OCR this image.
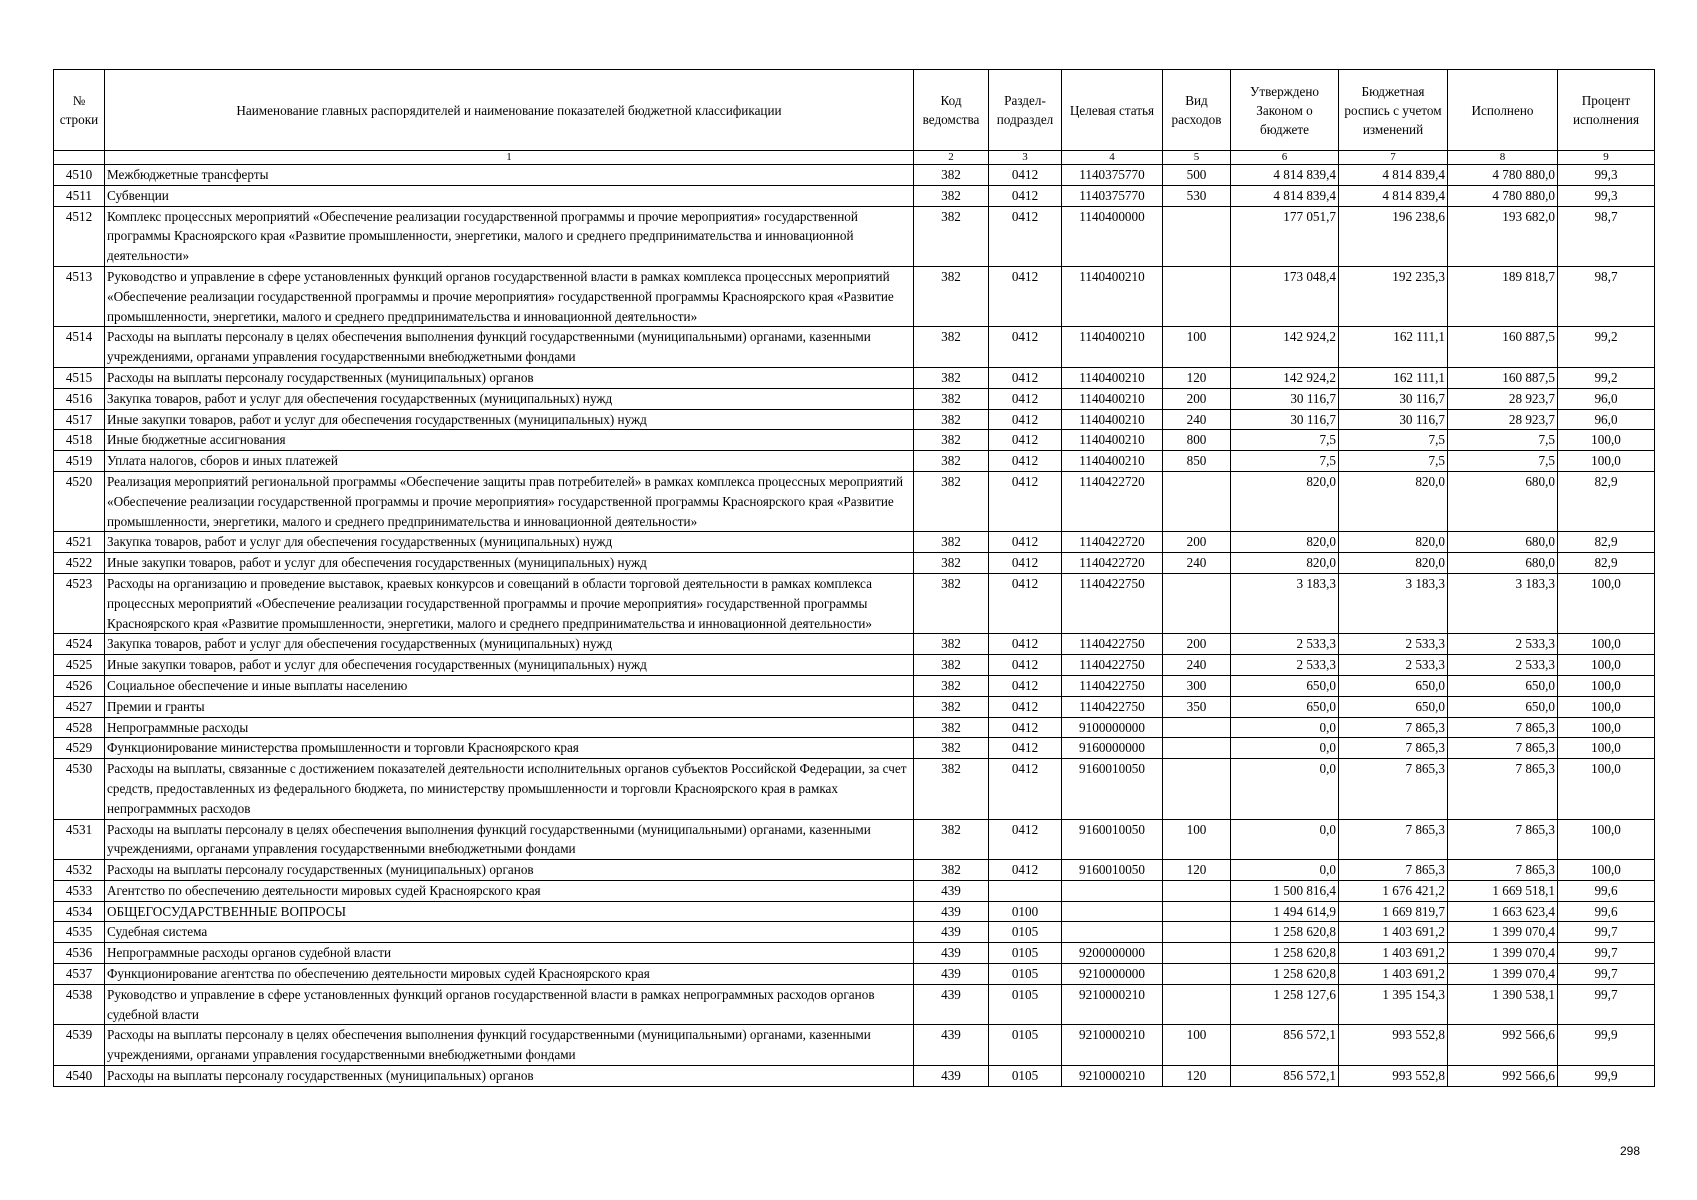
№ строки	Наименование главных распорядителей и наименование показателей бюджетной классификации	Код ведомства	Раздел-подраздел	Целевая статья	Вид расходов	Утверждено Законом о бюджете	Бюджетная роспись с учетом изменений	Исполнено	Процент исполнения
	1	2	3	4	5	6	7	8	9
4510	Межбюджетные трансферты	382	0412	1140375770	500	4 814 839,4	4 814 839,4	4 780 880,0	99,3
4511	Субвенции	382	0412	1140375770	530	4 814 839,4	4 814 839,4	4 780 880,0	99,3
4512	Комплекс процессных мероприятий «Обеспечение реализации государственной программы и прочие мероприятия» государственной программы Красноярского края «Развитие промышленности, энергетики, малого и среднего предпринимательства и инновационной деятельности»	382	0412	1140400000		177 051,7	196 238,6	193 682,0	98,7
4513	Руководство и управление в сфере установленных функций органов государственной власти в рамках комплекса процессных мероприятий «Обеспечение реализации государственной программы и прочие мероприятия» государственной программы Красноярского края «Развитие промышленности, энергетики, малого и среднего предпринимательства и инновационной деятельности»	382	0412	1140400210		173 048,4	192 235,3	189 818,7	98,7
4514	Расходы на выплаты персоналу в целях обеспечения выполнения функций государственными (муниципальными) органами, казенными учреждениями, органами управления государственными внебюджетными фондами	382	0412	1140400210	100	142 924,2	162 111,1	160 887,5	99,2
4515	Расходы на выплаты персоналу государственных (муниципальных) органов	382	0412	1140400210	120	142 924,2	162 111,1	160 887,5	99,2
4516	Закупка товаров, работ и услуг для обеспечения государственных (муниципальных) нужд	382	0412	1140400210	200	30 116,7	30 116,7	28 923,7	96,0
4517	Иные закупки товаров, работ и услуг для обеспечения государственных (муниципальных) нужд	382	0412	1140400210	240	30 116,7	30 116,7	28 923,7	96,0
4518	Иные бюджетные ассигнования	382	0412	1140400210	800	7,5	7,5	7,5	100,0
4519	Уплата налогов, сборов и иных платежей	382	0412	1140400210	850	7,5	7,5	7,5	100,0
4520	Реализация мероприятий региональной программы «Обеспечение защиты прав потребителей» в рамках комплекса процессных мероприятий «Обеспечение реализации государственной программы и прочие мероприятия» государственной программы Красноярского края «Развитие промышленности, энергетики, малого и среднего предпринимательства и инновационной деятельности»	382	0412	1140422720		820,0	820,0	680,0	82,9
4521	Закупка товаров, работ и услуг для обеспечения государственных (муниципальных) нужд	382	0412	1140422720	200	820,0	820,0	680,0	82,9
4522	Иные закупки товаров, работ и услуг для обеспечения государственных (муниципальных) нужд	382	0412	1140422720	240	820,0	820,0	680,0	82,9
4523	Расходы на организацию и проведение выставок, краевых конкурсов и совещаний в области торговой деятельности в рамках комплекса процессных мероприятий «Обеспечение реализации государственной программы и прочие мероприятия» государственной программы Красноярского края «Развитие промышленности, энергетики, малого и среднего предпринимательства и инновационной деятельности»	382	0412	1140422750		3 183,3	3 183,3	3 183,3	100,0
4524	Закупка товаров, работ и услуг для обеспечения государственных (муниципальных) нужд	382	0412	1140422750	200	2 533,3	2 533,3	2 533,3	100,0
4525	Иные закупки товаров, работ и услуг для обеспечения государственных (муниципальных) нужд	382	0412	1140422750	240	2 533,3	2 533,3	2 533,3	100,0
4526	Социальное обеспечение и иные выплаты населению	382	0412	1140422750	300	650,0	650,0	650,0	100,0
4527	Премии и гранты	382	0412	1140422750	350	650,0	650,0	650,0	100,0
4528	Непрограммные расходы	382	0412	9100000000		0,0	7 865,3	7 865,3	100,0
4529	Функционирование министерства промышленности и торговли Красноярского края	382	0412	9160000000		0,0	7 865,3	7 865,3	100,0
4530	Расходы на выплаты, связанные с достижением показателей деятельности исполнительных органов субъектов Российской Федерации, за счет средств, предоставленных из федерального бюджета, по министерству промышленности и торговли Красноярского края в рамках непрограммных расходов	382	0412	9160010050		0,0	7 865,3	7 865,3	100,0
4531	Расходы на выплаты персоналу в целях обеспечения выполнения функций государственными (муниципальными) органами, казенными учреждениями, органами управления государственными внебюджетными фондами	382	0412	9160010050	100	0,0	7 865,3	7 865,3	100,0
4532	Расходы на выплаты персоналу государственных (муниципальных) органов	382	0412	9160010050	120	0,0	7 865,3	7 865,3	100,0
4533	Агентство по обеспечению деятельности мировых судей Красноярского края	439				1 500 816,4	1 676 421,2	1 669 518,1	99,6
4534	ОБЩЕГОСУДАРСТВЕННЫЕ ВОПРОСЫ	439	0100			1 494 614,9	1 669 819,7	1 663 623,4	99,6
4535	Судебная система	439	0105			1 258 620,8	1 403 691,2	1 399 070,4	99,7
4536	Непрограммные расходы органов судебной власти	439	0105	9200000000		1 258 620,8	1 403 691,2	1 399 070,4	99,7
4537	Функционирование агентства по обеспечению деятельности мировых судей Красноярского края	439	0105	9210000000		1 258 620,8	1 403 691,2	1 399 070,4	99,7
4538	Руководство и управление в сфере установленных функций органов государственной власти в рамках непрограммных расходов органов судебной власти	439	0105	9210000210		1 258 127,6	1 395 154,3	1 390 538,1	99,7
4539	Расходы на выплаты персоналу в целях обеспечения выполнения функций государственными (муниципальными) органами, казенными учреждениями, органами управления государственными внебюджетными фондами	439	0105	9210000210	100	856 572,1	993 552,8	992 566,6	99,9
4540	Расходы на выплаты персоналу государственных (муниципальных) органов	439	0105	9210000210	120	856 572,1	993 552,8	992 566,6	99,9
298
